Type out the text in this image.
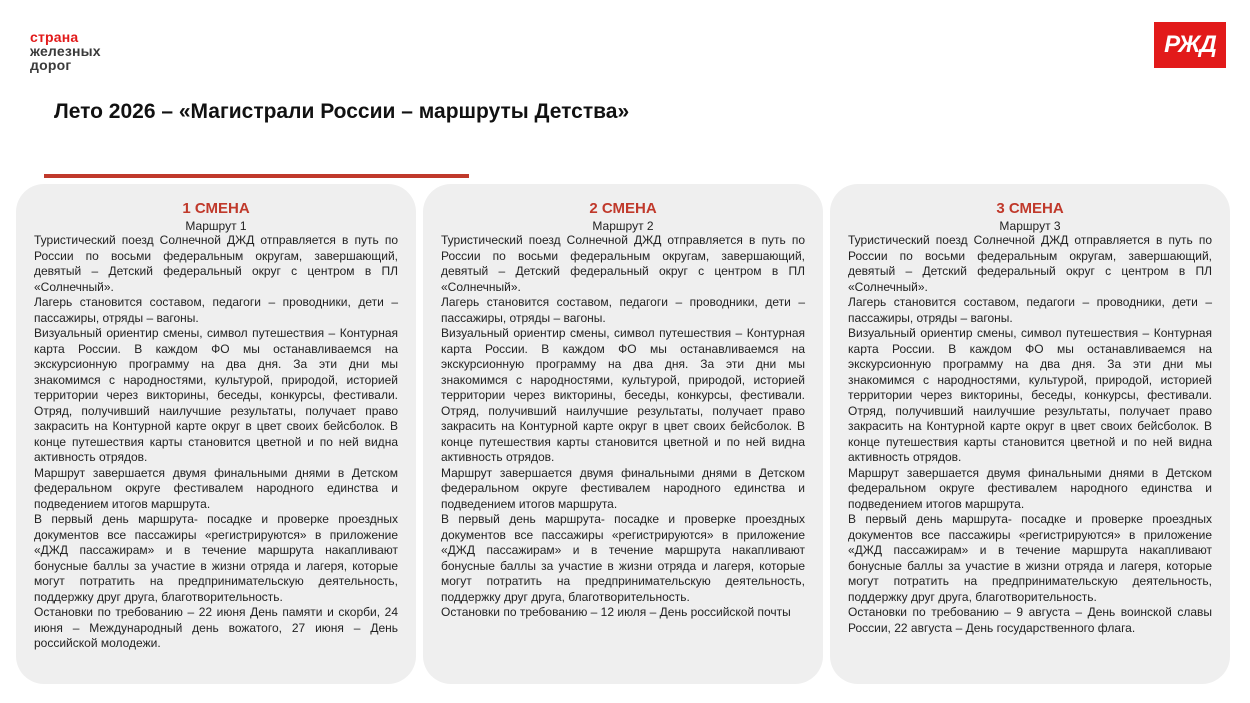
страна
железных
дорог
РЖД
Лето 2026 – «Магистрали России – маршруты Детства»
1 СМЕНА
Маршрут 1

Туристический поезд Солнечной ДЖД отправляется в путь по России по восьми федеральным округам, завершающий, девятый – Детский федеральный округ с центром в ПЛ «Солнечный».

Лагерь становится составом, педагоги – проводники, дети – пассажиры, отряды – вагоны.

Визуальный ориентир смены, символ путешествия – Контурная карта России. В каждом ФО мы останавливаемся на экскурсионную программу на два дня. За эти дни мы знакомимся с народностями, культурой, природой, историей территории через викторины, беседы, конкурсы, фестивали. Отряд, получивший наилучшие результаты, получает право закрасить на Контурной карте округ в цвет своих бейсболок. В конце путешествия карты становится цветной и по ней видна активность отрядов.

Маршрут завершается двумя финальными днями в Детском федеральном округе фестивалем народного единства и подведением итогов маршрута.

В первый день маршрута- посадке и проверке проездных документов все пассажиры «регистрируются» в приложение «ДЖД пассажирам» и в течение маршрута накапливают бонусные баллы за участие в жизни отряда и лагеря, которые могут потратить на предпринимательскую деятельность, поддержку друг друга, благотворительность.

Остановки по требованию – 22 июня День памяти и скорби, 24 июня – Международный день вожатого, 27 июня – День российской молодежи.

2 СМЕНА
Маршрут 2

Туристический поезд Солнечной ДЖД отправляется в путь по России по восьми федеральным округам, завершающий, девятый – Детский федеральный округ с центром в ПЛ «Солнечный».

Лагерь становится составом, педагоги – проводники, дети – пассажиры, отряды – вагоны.

Визуальный ориентир смены, символ путешествия – Контурная карта России. В каждом ФО мы останавливаемся на экскурсионную программу на два дня. За эти дни мы знакомимся с народностями, культурой, природой, историей территории через викторины, беседы, конкурсы, фестивали. Отряд, получивший наилучшие результаты, получает право закрасить на Контурной карте округ в цвет своих бейсболок. В конце путешествия карты становится цветной и по ней видна активность отрядов.

Маршрут завершается двумя финальными днями в Детском федеральном округе фестивалем народного единства и подведением итогов маршрута.

В первый день маршрута- посадке и проверке проездных документов все пассажиры «регистрируются» в приложение «ДЖД пассажирам» и в течение маршрута накапливают бонусные баллы за участие в жизни отряда и лагеря, которые могут потратить на предпринимательскую деятельность, поддержку друг друга, благотворительность.

Остановки по требованию – 12 июля – День российской почты

3 СМЕНА
Маршрут 3

Туристический поезд Солнечной ДЖД отправляется в путь по России по восьми федеральным округам, завершающий, девятый – Детский федеральный округ с центром в ПЛ «Солнечный».

Лагерь становится составом, педагоги – проводники, дети – пассажиры, отряды – вагоны.

Визуальный ориентир смены, символ путешествия – Контурная карта России. В каждом ФО мы останавливаемся на экскурсионную программу на два дня. За эти дни мы знакомимся с народностями, культурой, природой, историей территории через викторины, беседы, конкурсы, фестивали. Отряд, получивший наилучшие результаты, получает право закрасить на Контурной карте округ в цвет своих бейсболок. В конце путешествия карты становится цветной и по ней видна активность отрядов.

Маршрут завершается двумя финальными днями в Детском федеральном округе фестивалем народного единства и подведением итогов маршрута.

В первый день маршрута- посадке и проверке проездных документов все пассажиры «регистрируются» в приложение «ДЖД пассажирам» и в течение маршрута накапливают бонусные баллы за участие в жизни отряда и лагеря, которые могут потратить на предпринимательскую деятельность, поддержку друг друга, благотворительность.

Остановки по требованию – 9 августа – День воинской славы России, 22 августа – День государственного флага.
